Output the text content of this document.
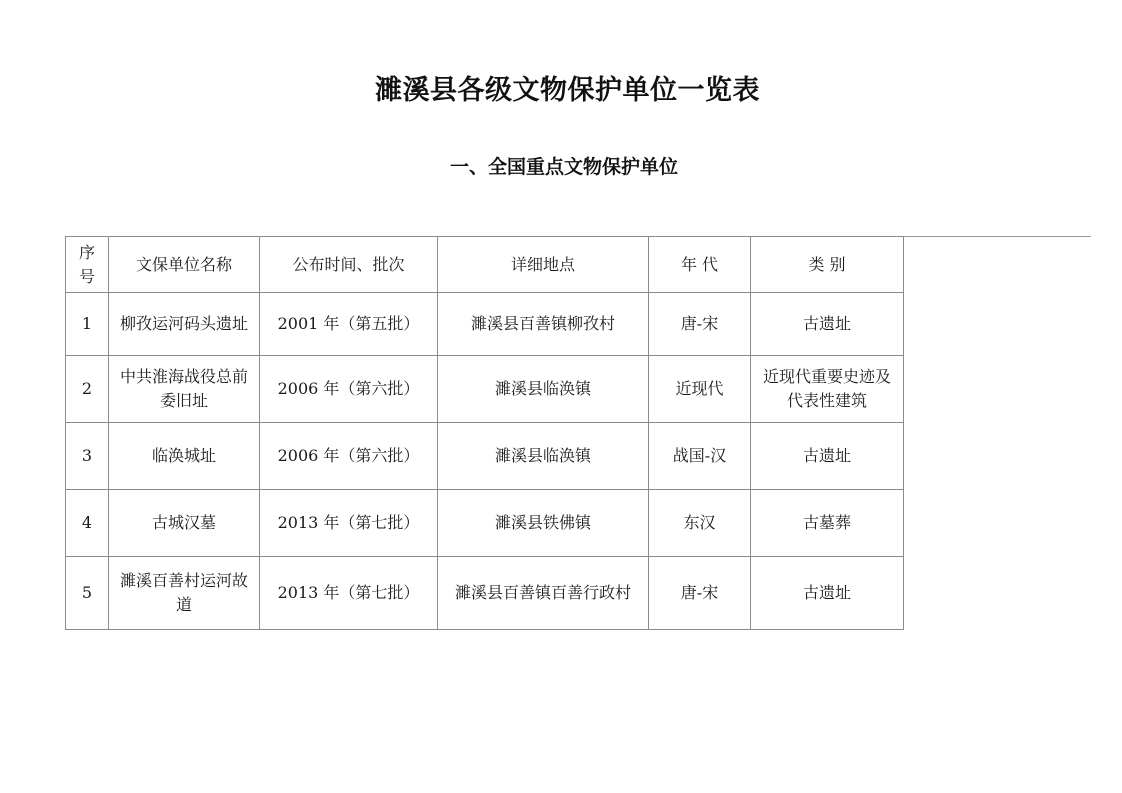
濉溪县各级文物保护单位一览表
一、全国重点文物保护单位
序
号	文保单位名称	公布时间、批次	详细地点	年 代	类 别
1	柳孜运河码头遗址	2001 年（第五批）	濉溪县百善镇柳孜村	唐-宋	古遗址
2	中共淮海战役总前委旧址	2006 年（第六批）	濉溪县临涣镇	近现代	近现代重要史迹及代表性建筑
3	临涣城址	2006 年（第六批）	濉溪县临涣镇	战国-汉	古遗址
4	古城汉墓	2013 年（第七批）	濉溪县铁佛镇	东汉	古墓葬
5	濉溪百善村运河故道	2013 年（第七批）	濉溪县百善镇百善行政村	唐-宋	古遗址
